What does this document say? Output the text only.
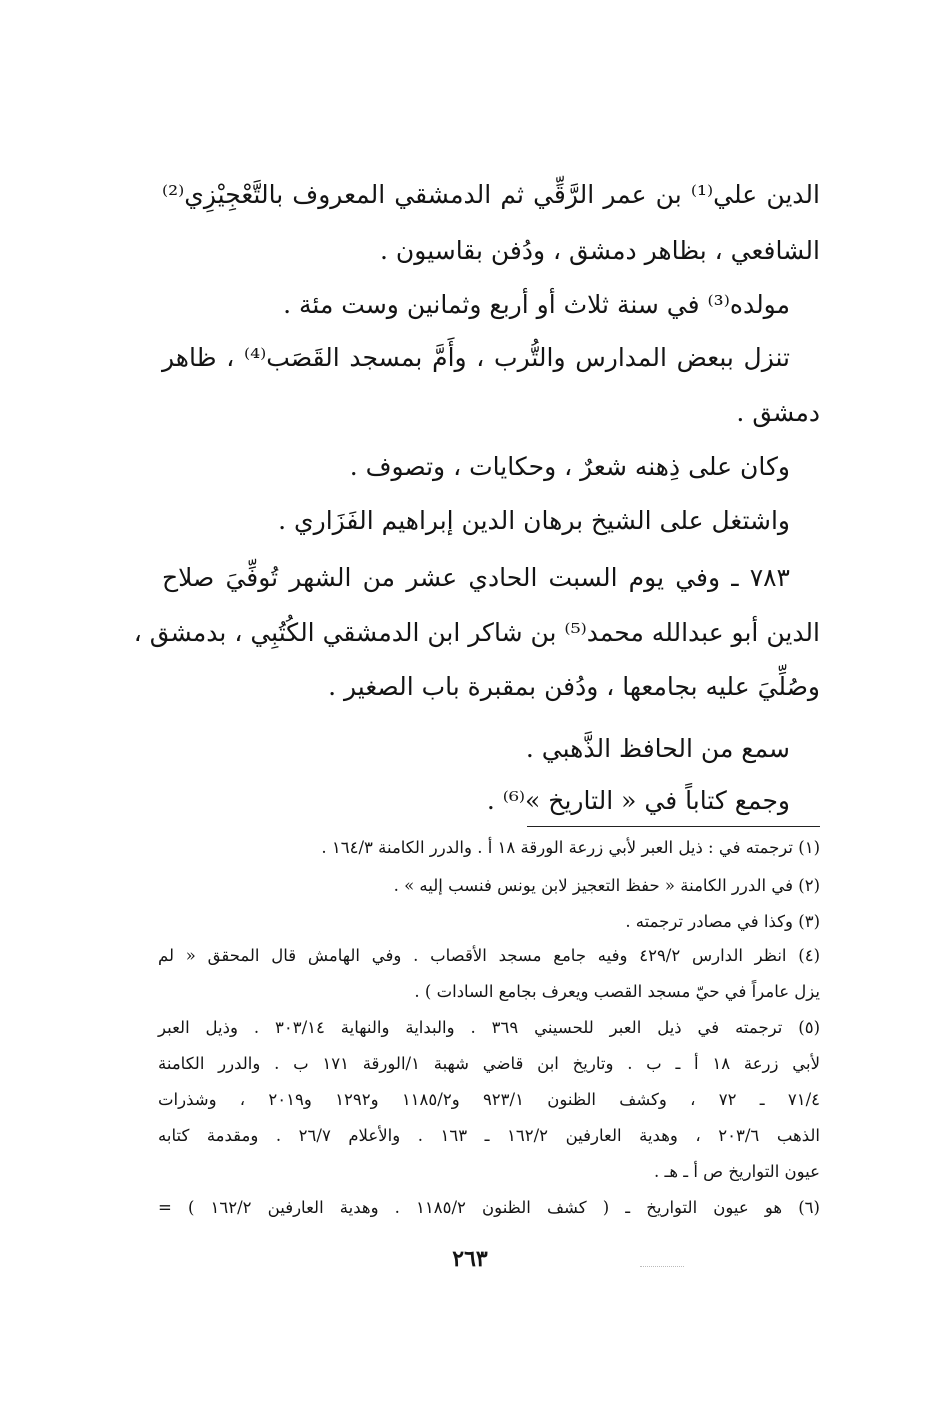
الدين علي⁽¹⁾ بن عمر الرَّقِّي ثم الدمشقي المعروف بالتَّعْجِيْزِي⁽²⁾
الشافعي ، بظاهر دمشق ، ودُفن بقاسيون .
مولده⁽³⁾ في سنة ثلاث أو أربع وثمانين وست مئة .
تنزل ببعض المدارس والتُّرب ، وأَمَّ بمسجد القَصَب⁽⁴⁾ ، ظاهر
دمشق .
وكان على ذِهنه شعرٌ ، وحكايات ، وتصوف .
واشتغل على الشيخ برهان الدين إبراهيم الفَزَاري .
٧٨٣ ـ وفي يوم السبت الحادي عشر من الشهر تُوفِّيَ صلاح
الدين أبو عبدالله محمد⁽⁵⁾ بن شاكر ابن الدمشقي الكُتُبِي ، بدمشق ،
وصُلِّيَ عليه بجامعها ، ودُفن بمقبرة باب الصغير .
سمع من الحافظ الذَّهبي .
وجمع كتاباً في « التاريخ »⁽⁶⁾ .
(١) ترجمته في : ذيل العبر لأبي زرعة الورقة ١٨ أ . والدرر الكامنة ١٦٤/٣ .
(٢) في الدرر الكامنة « حفظ التعجيز لابن يونس فنسب إليه » .
(٣) وكذا في مصادر ترجمته .
(٤) انظر الدارس ٤٢٩/٢ وفيه جامع مسجد الأقصاب . وفي الهامش قال المحقق « لم
يزل عامراً في حيّ مسجد القصب ويعرف بجامع السادات ) .
(٥) ترجمته في ذيل العبر للحسيني ٣٦٩ . والبداية والنهاية ٣٠٣/١٤ . وذيل العبر
لأبي زرعة ١٨ أ ـ ب . وتاريخ ابن قاضي شهبة ١/الورقة ١٧١ ب . والدرر الكامنة
٧١/٤ ـ ٧٢ ، وكشف الظنون ٩٢٣/١ و١١٨٥/٢ و١٢٩٢ و٢٠١٩ ، وشذرات
الذهب ٢٠٣/٦ ، وهدية العارفين ١٦٢/٢ ـ ١٦٣ . والأعلام ٢٦/٧ . ومقدمة كتابه
عيون التواريخ ص أ ـ هـ .
(٦) هو عيون التواريخ ـ ( كشف الظنون ١١٨٥/٢ . وهدية العارفين ١٦٢/٢ ) =
٢٦٣
